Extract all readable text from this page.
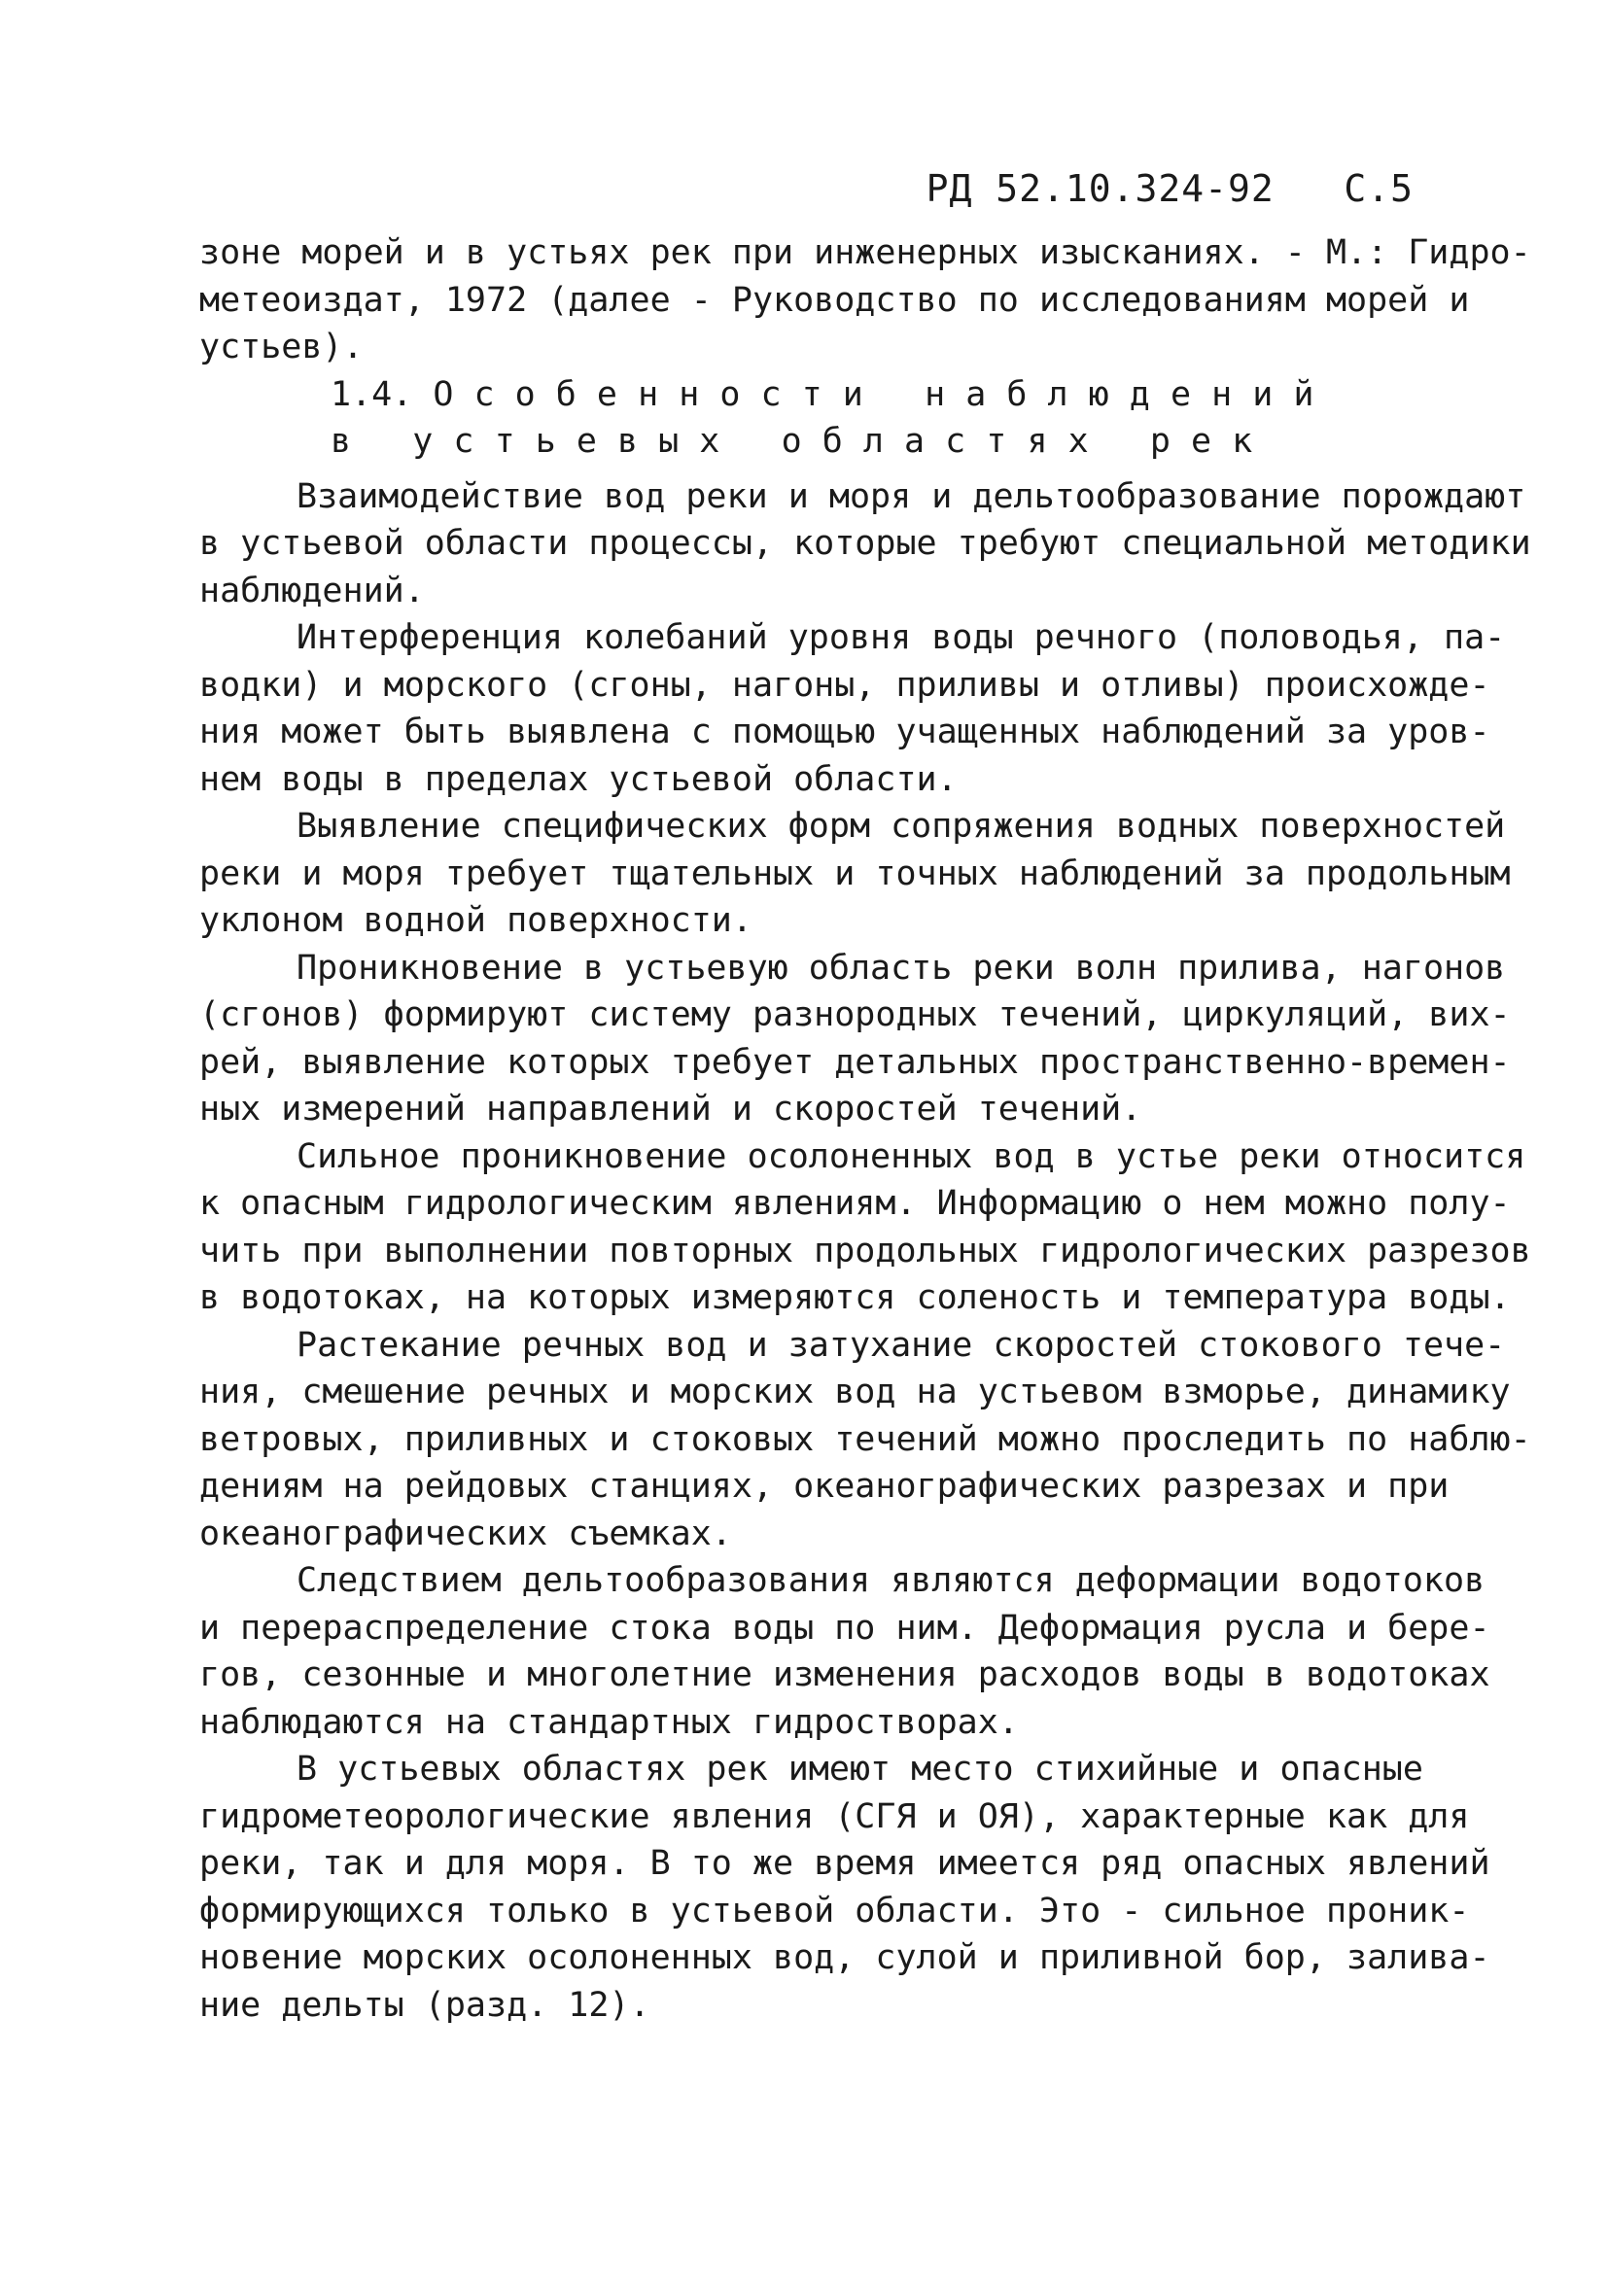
РД 52.10.324-92   С.5
зоне морей и в устьях рек при инженерных изысканиях. - М.: Гидро-
метеоиздат, 1972 (далее - Руководство по исследованиям морей и
устьев).
1.4. О с о б е н н о с т и   н а б л ю д е н и й
в   у с т ь е в ы х   о б л а с т я х   р е к
Взаимодействие вод реки и моря и дельтообразование порождают
в устьевой области процессы, которые требуют специальной методики
наблюдений.
Интерференция колебаний уровня воды речного (половодья, па-
водки) и морского (сгоны, нагоны, приливы и отливы) происхожде-
ния может быть выявлена с помощью учащенных наблюдений за уров-
нем воды в пределах устьевой области.
Выявление специфических форм сопряжения водных поверхностей
реки и моря требует тщательных и точных наблюдений за продольным
уклоном водной поверхности.
Проникновение в устьевую область реки волн прилива, нагонов
(сгонов) формируют систему разнородных течений, циркуляций, вих-
рей, выявление которых требует детальных пространственно-времен-
ных измерений направлений и скоростей течений.
Сильное проникновение осолоненных вод в устье реки относится
к опасным гидрологическим явлениям. Информацию о нем можно полу-
чить при выполнении повторных продольных гидрологических разрезов
в водотоках, на которых измеряются соленость и температура воды.
Растекание речных вод и затухание скоростей стокового тече-
ния, смешение речных и морских вод на устьевом взморье, динамику
ветровых, приливных и стоковых течений можно проследить по наблю-
дениям на рейдовых станциях, океанографических разрезах и при
океанографических съемках.
Следствием дельтообразования являются деформации водотоков
и перераспределение стока воды по ним. Деформация русла и бере-
гов, сезонные и многолетние изменения расходов воды в водотоках
наблюдаются на стандартных гидростворах.
В устьевых областях рек имеют место стихийные и опасные
гидрометеорологические явления (СГЯ и ОЯ), характерные как для
реки, так и для моря. В то же время имеется ряд опасных явлений
формирующихся только в устьевой области. Это - сильное проник-
новение морских осолоненных вод, сулой и приливной бор, залива-
ние дельты (разд. 12).
